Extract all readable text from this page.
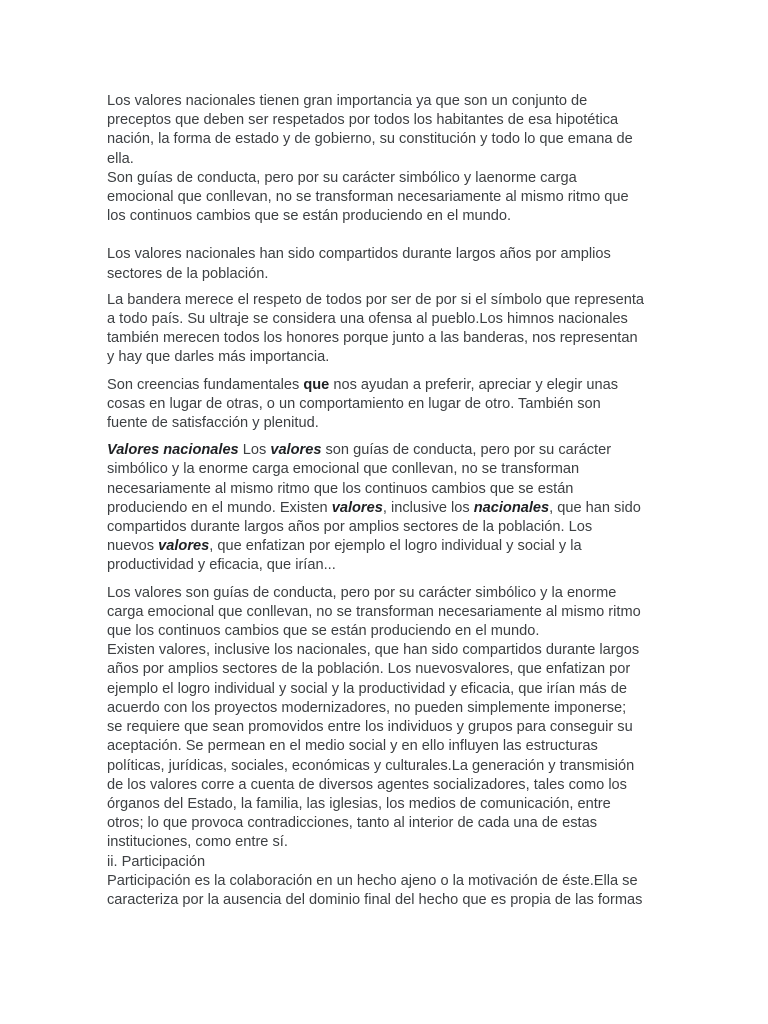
Los valores nacionales tienen gran importancia ya que son un conjunto de
preceptos que deben ser respetados por todos los habitantes de esa hipotética
nación, la forma de estado y de gobierno, su constitución y todo lo que emana de
ella.
Son guías de conducta, pero por su carácter simbólico y laenorme carga
emocional que conllevan, no se transforman necesariamente al mismo ritmo que
los continuos cambios que se están produciendo en el mundo.

Los valores nacionales han sido compartidos durante largos años por amplios
sectores de la población.

La bandera merece el respeto de todos por ser de por si el símbolo que representa
a todo país. Su ultraje se considera una ofensa al pueblo.Los himnos nacionales
también merecen todos los honores porque junto a las banderas, nos representan
y hay que darles más importancia.

Son creencias fundamentales que nos ayudan a preferir, apreciar y elegir unas
cosas en lugar de otras, o un comportamiento en lugar de otro. También son
fuente de satisfacción y plenitud.

Valores nacionales Los valores son guías de conducta, pero por su carácter
simbólico y la enorme carga emocional que conllevan, no se transforman
necesariamente al mismo ritmo que los continuos cambios que se están
produciendo en el mundo. Existen valores, inclusive los nacionales, que han sido
compartidos durante largos años por amplios sectores de la población. Los
nuevos valores, que enfatizan por ejemplo el logro individual y social y la
productividad y eficacia, que irían...

Los valores son guías de conducta, pero por su carácter simbólico y la enorme
carga emocional que conllevan, no se transforman necesariamente al mismo ritmo
que los continuos cambios que se están produciendo en el mundo.
Existen valores, inclusive los nacionales, que han sido compartidos durante largos
años por amplios sectores de la población. Los nuevosvalores, que enfatizan por
ejemplo el logro individual y social y la productividad y eficacia, que irían más de
acuerdo con los proyectos modernizadores, no pueden simplemente imponerse;
se requiere que sean promovidos entre los individuos y grupos para conseguir su
aceptación. Se permean en el medio social y en ello influyen las estructuras
políticas, jurídicas, sociales, económicas y culturales.La generación y transmisión
de los valores corre a cuenta de diversos agentes socializadores, tales como los
órganos del Estado, la familia, las iglesias, los medios de comunicación, entre
otros; lo que provoca contradicciones, tanto al interior de cada una de estas
instituciones, como entre sí.
ii. Participación
Participación es la colaboración en un hecho ajeno o la motivación de éste.Ella se
caracteriza por la ausencia del dominio final del hecho que es propia de las formas
